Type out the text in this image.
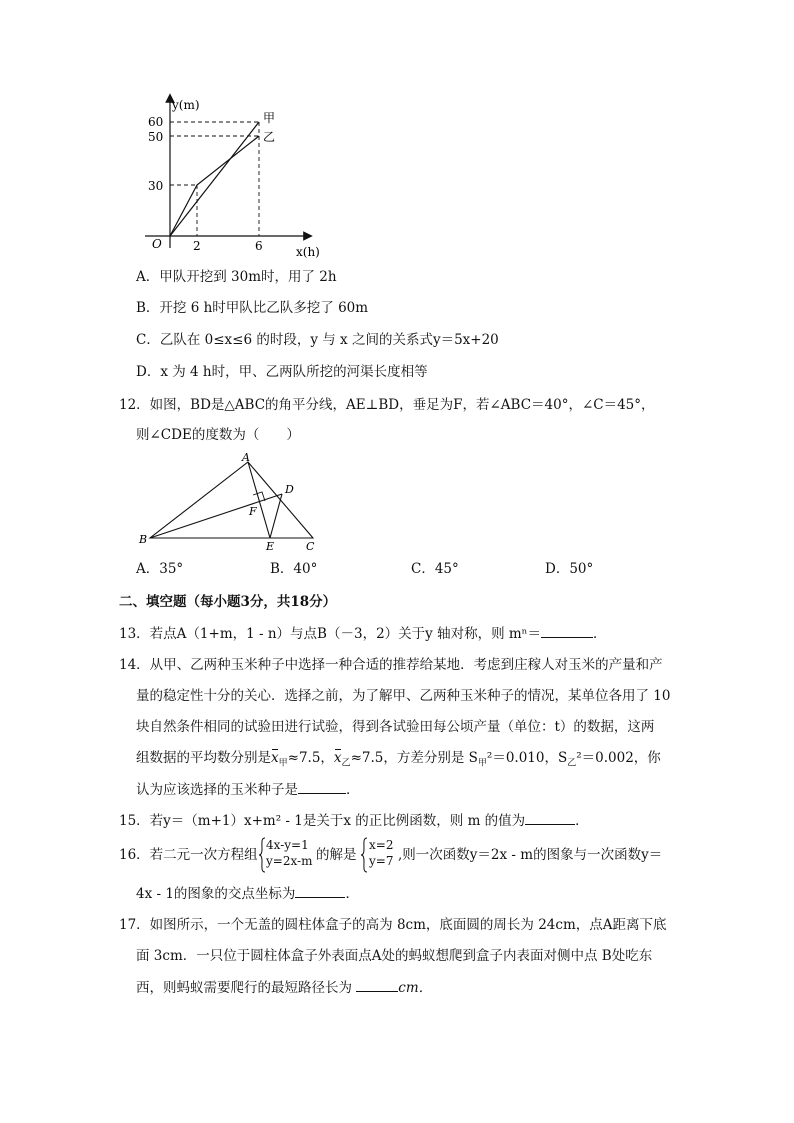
y(m)
60
50
30
O	2	6	x(h)
甲
乙
A．甲队开挖到 30m时，用了 2h
B．开挖 6 h时甲队比乙队多挖了 60m
C．乙队在 0≤x≤6 的时段，y 与 x 之间的关系式y＝5x+20
D．x 为 4 h时，甲、乙两队所挖的河渠长度相等
12．如图，BD是△ABC的角平分线，AE⊥BD，垂足为F，若∠ABC＝40°，∠C＝45°，
则∠CDE的度数为（　　）
A
D
F
B
E	C
A．35°	B．40°	C．45°	D．50°
二、填空题（每小题3分，共18分）
13．若点A（1+m，1 - n）与点B（－3，2）关于y 轴对称，则 mⁿ＝	．
14．从甲、乙两种玉米种子中选择一种合适的推荐给某地．考虑到庄稼人对玉米的产量和产
量的稳定性十分的关心．选择之前，为了解甲、乙两种玉米种子的情况，某单位各用了 10
块自然条件相同的试验田进行试验，得到各试验田每公顷产量（单位：t）的数据，这两
组数据的平均数分别是$x_甲\approx 7.5$，$x_乙\approx 7.5$，方差分别是 $S_甲^2=0.010$，$S_乙^2=0.002$，你
认为应该选择的玉米种子是	．
15．若y＝（m+1）x+m² - 1是关于x 的正比例函数，则 m 的值为	．
16．若二元一次方程组
4x-y=1
y=2x-m 的解是
x=2
y=7 ,则一次函数y＝2x - m的图象与一次函数y＝
4x - 1的图象的交点坐标为	．
17．如图所示，一个无盖的圆柱体盒子的高为 8cm，底面圆的周长为 24cm，点A距离下底
面 3cm．一只位于圆柱体盒子外表面点A处的蚂蚁想爬到盒子内表面对侧中点 B处吃东
西，则蚂蚁需要爬行的最短路径长为	cm．
